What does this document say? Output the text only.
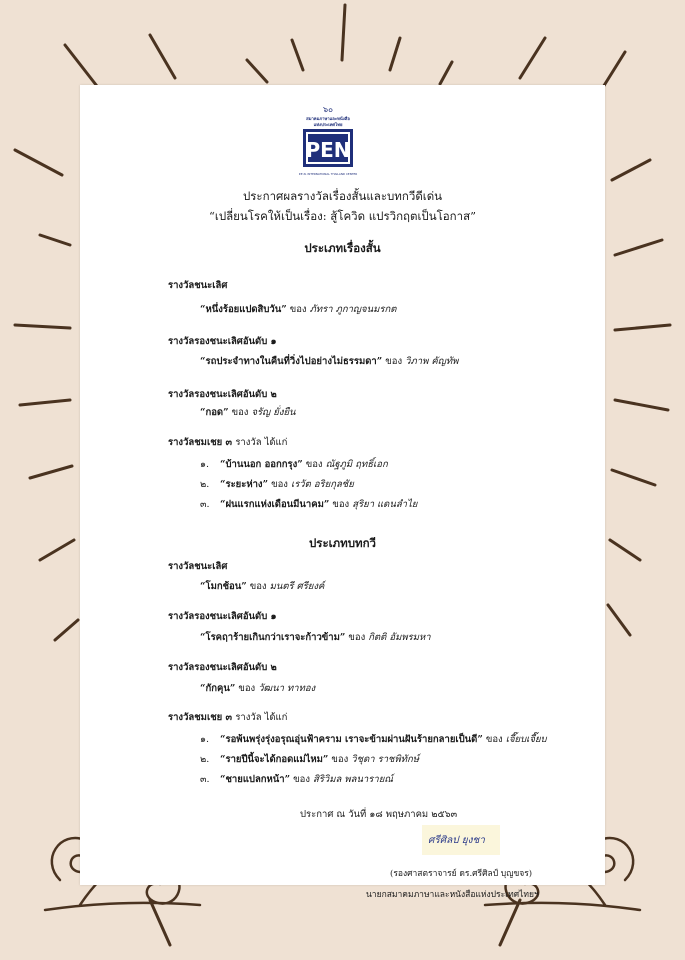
๖๐
สมาคมภาษาและหนังสือ
แห่งประเทศไทย
PEN
P.E.N. INTERNATIONAL THAILAND CENTER
ประกาศผลรางวัลเรื่องสั้นและบทกวีดีเด่น
“เปลี่ยนโรคให้เป็นเรื่อง: สู้โควิด แปรวิกฤตเป็นโอกาส”
ประเภทเรื่องสั้น
รางวัลชนะเลิศ
“หนึ่งร้อยแปดสิบวัน” ของ ภัทรา ภูกาญจนมรกต
รางวัลรองชนะเลิศอันดับ ๑
“รถประจำทางในคืนที่วิ่งไปอย่างไม่ธรรมดา” ของ วิภาพ คัญทัพ
รางวัลรองชนะเลิศอันดับ ๒
“กอด” ของ จรัญ ยั่งยืน
รางวัลชมเชย ๓ รางวัล ได้แก่
๑. “บ้านนอก ออกกรุง” ของ ณัฐภูมิ ฤทธิ์เอก
๒. “ระยะห่าง” ของ เรวัต อริยกุลชัย
๓. “ฝนแรกแห่งเดือนมีนาคม” ของ สุริยา แดนลำไย
ประเภทบทกวี
รางวัลชนะเลิศ
“โมกช้อน” ของ มนตรี ศรียงค์
รางวัลรองชนะเลิศอันดับ ๑
“โรคฤาร้ายเกินกว่าเราจะก้าวข้าม” ของ กิตติ อัมพรมหา
รางวัลรองชนะเลิศอันดับ ๒
“กักคุน” ของ วัฒนา ทาทอง
รางวัลชมเชย ๓ รางวัล ได้แก่
๑. “รอพ้นพรุ่งรุ่งอรุณอุ่นฟ้าคราม เราจะข้ามผ่านฝันร้ายกลายเป็นดี” ของ เจี๊ยบเจี๊ยบ
๒. “รายปีนี้จะได้กอดแม่ไหม” ของ วิชุดา ราชพิทักษ์
๓. “ชายแปลกหน้า” ของ สิริวิมล พลนารายณ์
ประกาศ ณ วันที่ ๑๘ พฤษภาคม ๒๕๖๓
ศรีศิลป ยุงชา
(รองศาสตราจารย์ ดร.ศรีศิลป์ บุญขจร)
นายกสมาคมภาษาและหนังสือแห่งประเทศไทยฯ
